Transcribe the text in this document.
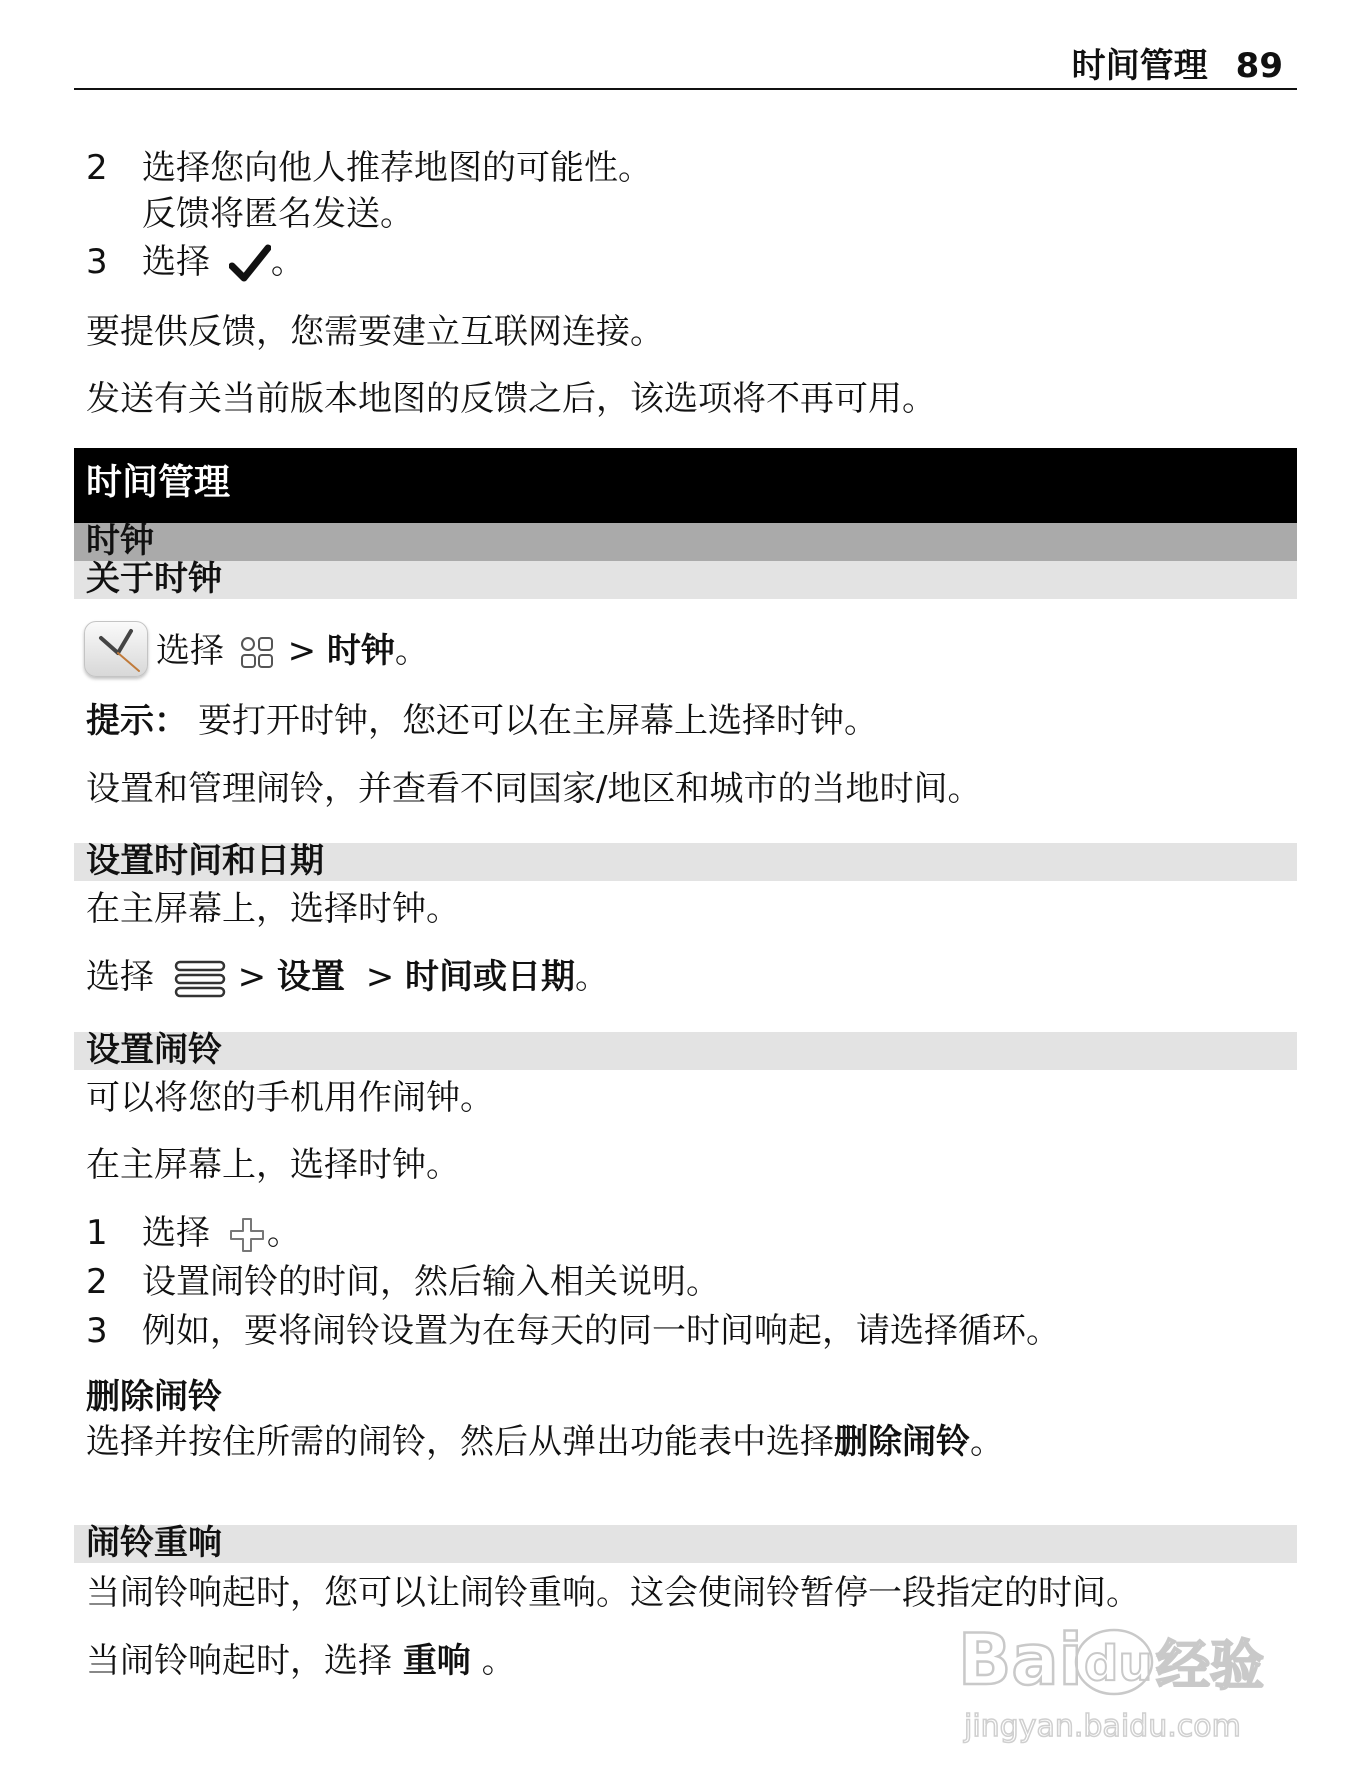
时间管理 89
2 选择您向他人推荐地图的可能性。
反馈将匿名发送。
3 选择 。
要提供反馈，您需要建立互联网连接。
发送有关当前版本地图的反馈之后，该选项将不再可用。
时间管理
时钟
关于时钟
选择  > 时钟。
提示： 要打开时钟，您还可以在主屏幕上选择时钟。
设置和管理闹铃，并查看不同国家/地区和城市的当地时间。
设置时间和日期
在主屏幕上，选择时钟。
选择  > 设置 > 时间或日期。
设置闹铃
可以将您的手机用作闹钟。
在主屏幕上，选择时钟。
1 选择 。
2 设置闹铃的时间，然后输入相关说明。
3 例如，要将闹铃设置为在每天的同一时间响起，请选择循环。
删除闹铃
选择并按住所需的闹铃，然后从弹出功能表中选择删除闹铃。
闹铃重响
当闹铃响起时，您可以让闹铃重响。这会使闹铃暂停一段指定的时间。
当闹铃响起时，选择 重响 。	Bai du 经验
jingyan.baidu.com
